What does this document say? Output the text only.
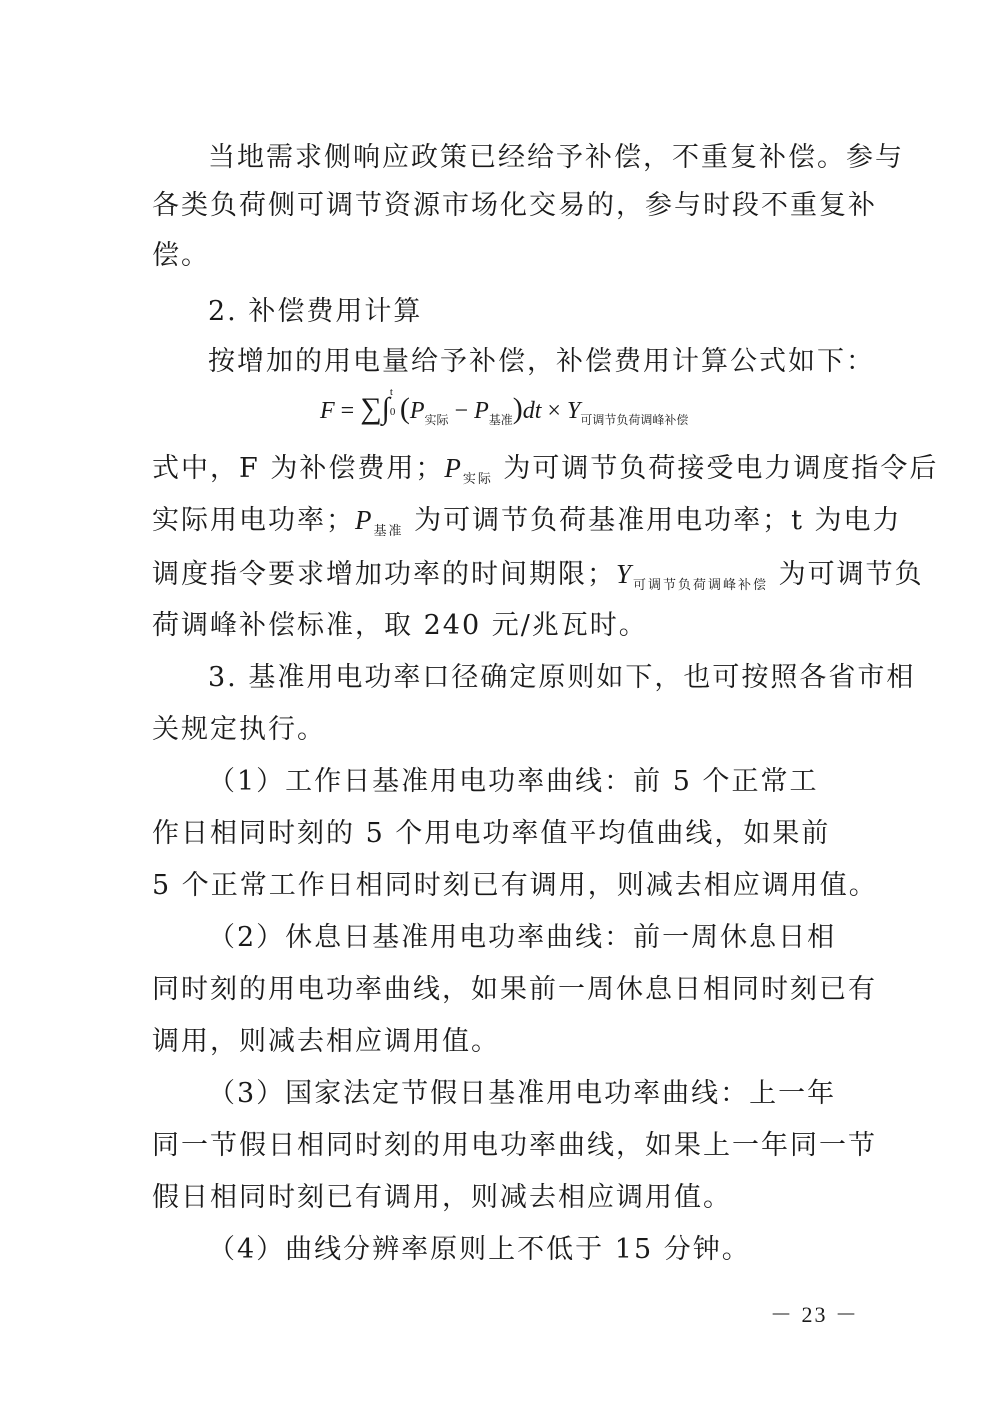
当地需求侧响应政策已经给予补偿，不重复补偿。参与
各类负荷侧可调节资源市场化交易的，参与时段不重复补
偿。
2. 补偿费用计算
按增加的用电量给予补偿，补偿费用计算公式如下：
F = ∑∫ t
0 $(P_{实际} - P_{基准})dt \times Y_{可调节负荷调峰补偿}$
式中，F 为补偿费用；$P_{实际}$ 为可调节负荷接受电力调度指令后
实际用电功率；$P_{基准}$ 为可调节负荷基准用电功率；t 为电力
调度指令要求增加功率的时间期限；$Y_{可调节负荷调峰补偿}$ 为可调节负
荷调峰补偿标准，取 240 元/兆瓦时。
3. 基准用电功率口径确定原则如下，也可按照各省市相
关规定执行。
（1）工作日基准用电功率曲线：前 5 个正常工
作日相同时刻的 5 个用电功率值平均值曲线，如果前
5 个正常工作日相同时刻已有调用，则减去相应调用值。
（2）休息日基准用电功率曲线：前一周休息日相
同时刻的用电功率曲线，如果前一周休息日相同时刻已有
调用，则减去相应调用值。
（3）国家法定节假日基准用电功率曲线：上一年
同一节假日相同时刻的用电功率曲线，如果上一年同一节
假日相同时刻已有调用，则减去相应调用值。
（4）曲线分辨率原则上不低于 15 分钟。
－ 23 －
